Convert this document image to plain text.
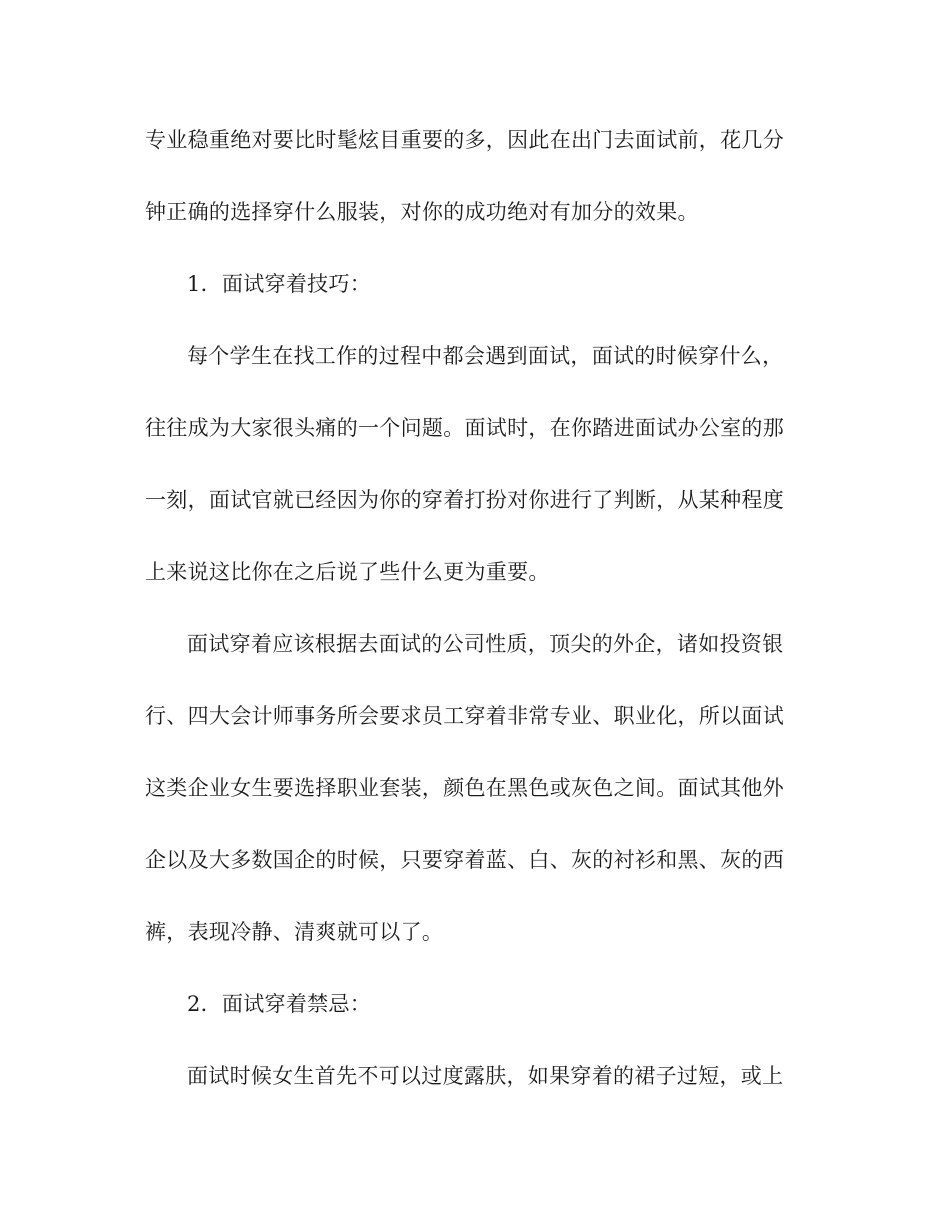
专业稳重绝对要比时髦炫目重要的多，因此在出门去面试前，花几分
钟正确的选择穿什么服装，对你的成功绝对有加分的效果。
1．面试穿着技巧：
每个学生在找工作的过程中都会遇到面试，面试的时候穿什么，
往往成为大家很头痛的一个问题。面试时，在你踏进面试办公室的那
一刻，面试官就已经因为你的穿着打扮对你进行了判断，从某种程度
上来说这比你在之后说了些什么更为重要。
面试穿着应该根据去面试的公司性质，顶尖的外企，诸如投资银
行、四大会计师事务所会要求员工穿着非常专业、职业化，所以面试
这类企业女生要选择职业套装，颜色在黑色或灰色之间。面试其他外
企以及大多数国企的时候，只要穿着蓝、白、灰的衬衫和黑、灰的西
裤，表现冷静、清爽就可以了。
2．面试穿着禁忌：
面试时候女生首先不可以过度露肤，如果穿着的裙子过短，或上
